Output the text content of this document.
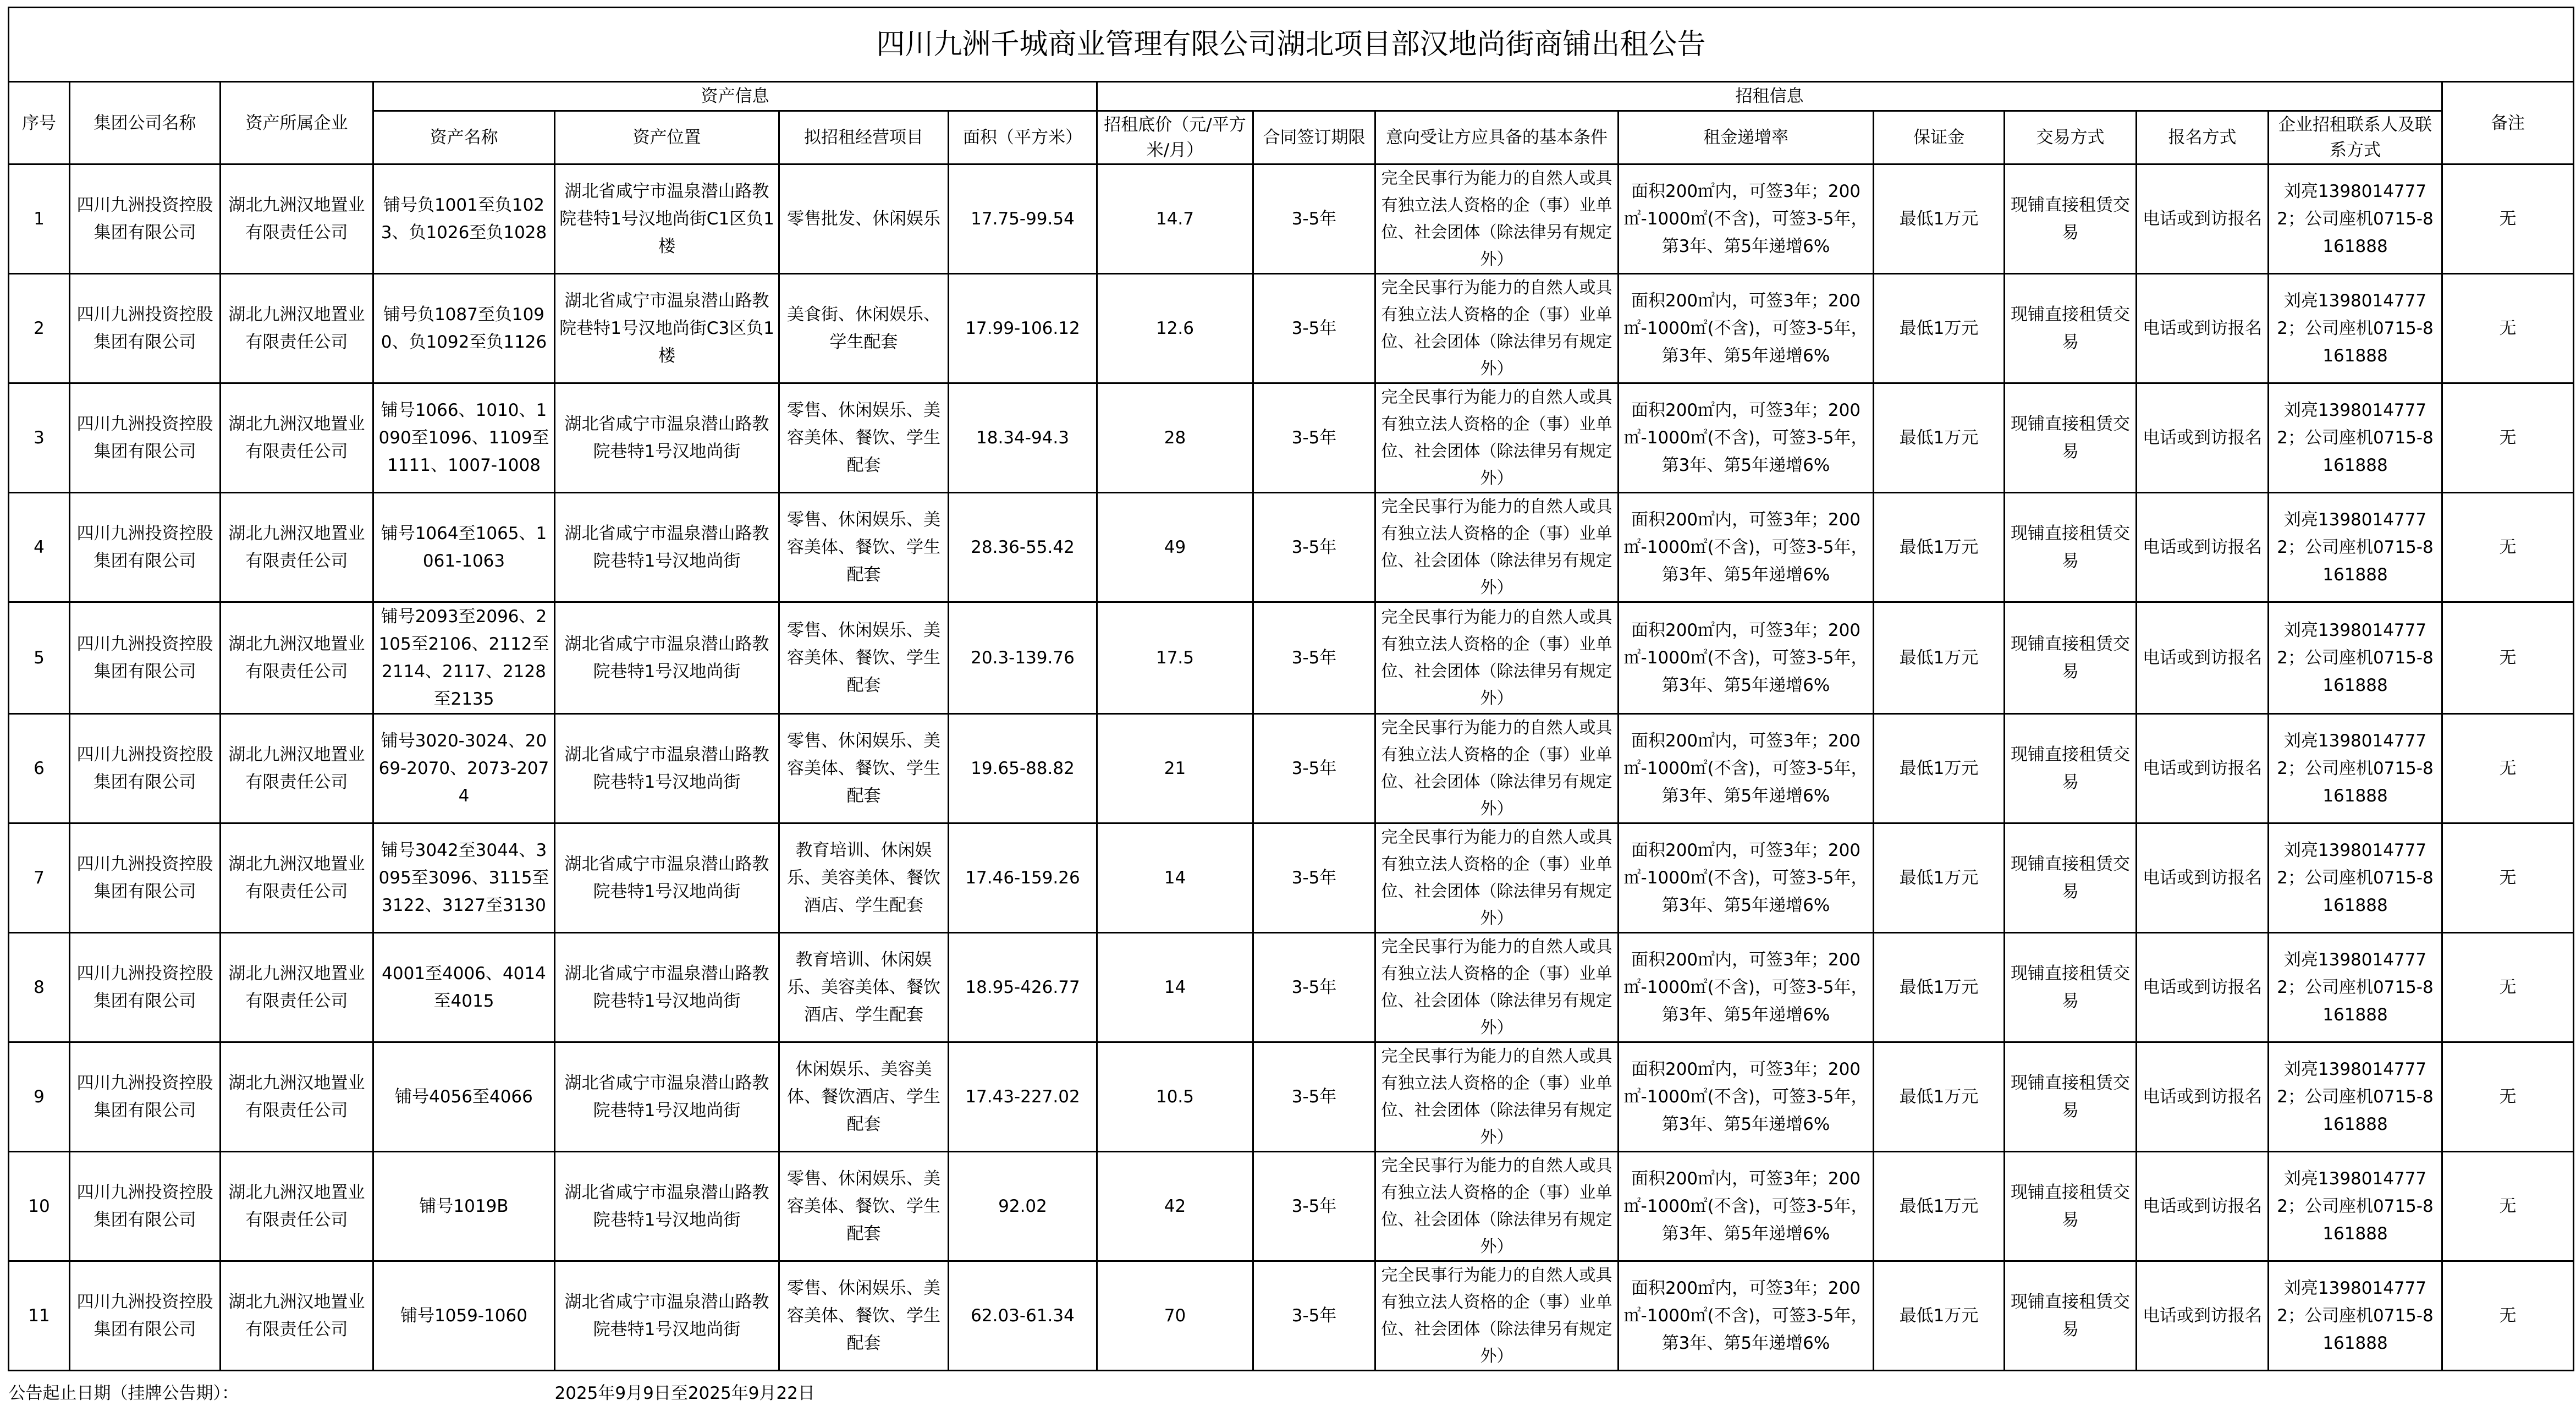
四川九洲千城商业管理有限公司湖北项目部汉地尚街商铺出租公告															
序号	集团公司名称	资产所属企业	资产信息				招租信息								备注
			资产名称	资产位置	拟招租经营项目	面积（平方米）	招租底价（元/平方米/月）	合同签订期限	意向受让方应具备的基本条件	租金递增率	保证金	交易方式	报名方式	企业招租联系人及联系方式	
1	四川九洲投资控股集团有限公司	湖北九洲汉地置业有限责任公司	铺号负1001至负1023、负1026至负1028	湖北省咸宁市温泉潜山路教院巷特1号汉地尚街C1区负1楼	零售批发、休闲娱乐	17.75-99.54	14.7	3-5年	完全民事行为能力的自然人或具有独立法人资格的企（事）业单位、社会团体（除法律另有规定外）	面积200㎡内，可签3年；200㎡-1000㎡(不含)，可签3-5年，第3年、第5年递增6%	最低1万元	现铺直接租赁交易	电话或到访报名	刘亮13980147772；公司座机0715-8161888	无
2	四川九洲投资控股集团有限公司	湖北九洲汉地置业有限责任公司	铺号负1087至负1090、负1092至负1126	湖北省咸宁市温泉潜山路教院巷特1号汉地尚街C3区负1楼	美食街、休闲娱乐、学生配套	17.99-106.12	12.6	3-5年	完全民事行为能力的自然人或具有独立法人资格的企（事）业单位、社会团体（除法律另有规定外）	面积200㎡内，可签3年；200㎡-1000㎡(不含)，可签3-5年，第3年、第5年递增6%	最低1万元	现铺直接租赁交易	电话或到访报名	刘亮13980147772；公司座机0715-8161888	无
3	四川九洲投资控股集团有限公司	湖北九洲汉地置业有限责任公司	铺号1066、1010、1090至1096、1109至1111、1007-1008	湖北省咸宁市温泉潜山路教院巷特1号汉地尚街	零售、休闲娱乐、美容美体、餐饮、学生配套	18.34-94.3	28	3-5年	完全民事行为能力的自然人或具有独立法人资格的企（事）业单位、社会团体（除法律另有规定外）	面积200㎡内，可签3年；200㎡-1000㎡(不含)，可签3-5年，第3年、第5年递增6%	最低1万元	现铺直接租赁交易	电话或到访报名	刘亮13980147772；公司座机0715-8161888	无
4	四川九洲投资控股集团有限公司	湖北九洲汉地置业有限责任公司	铺号1064至1065、1061-1063	湖北省咸宁市温泉潜山路教院巷特1号汉地尚街	零售、休闲娱乐、美容美体、餐饮、学生配套	28.36-55.42	49	3-5年	完全民事行为能力的自然人或具有独立法人资格的企（事）业单位、社会团体（除法律另有规定外）	面积200㎡内，可签3年；200㎡-1000㎡(不含)，可签3-5年，第3年、第5年递增6%	最低1万元	现铺直接租赁交易	电话或到访报名	刘亮13980147772；公司座机0715-8161888	无
5	四川九洲投资控股集团有限公司	湖北九洲汉地置业有限责任公司	铺号2093至2096、2105至2106、2112至2114、2117、2128至2135	湖北省咸宁市温泉潜山路教院巷特1号汉地尚街	零售、休闲娱乐、美容美体、餐饮、学生配套	20.3-139.76	17.5	3-5年	完全民事行为能力的自然人或具有独立法人资格的企（事）业单位、社会团体（除法律另有规定外）	面积200㎡内，可签3年；200㎡-1000㎡(不含)，可签3-5年，第3年、第5年递增6%	最低1万元	现铺直接租赁交易	电话或到访报名	刘亮13980147772；公司座机0715-8161888	无
6	四川九洲投资控股集团有限公司	湖北九洲汉地置业有限责任公司	铺号3020-3024、2069-2070、2073-2074	湖北省咸宁市温泉潜山路教院巷特1号汉地尚街	零售、休闲娱乐、美容美体、餐饮、学生配套	19.65-88.82	21	3-5年	完全民事行为能力的自然人或具有独立法人资格的企（事）业单位、社会团体（除法律另有规定外）	面积200㎡内，可签3年；200㎡-1000㎡(不含)，可签3-5年，第3年、第5年递增6%	最低1万元	现铺直接租赁交易	电话或到访报名	刘亮13980147772；公司座机0715-8161888	无
7	四川九洲投资控股集团有限公司	湖北九洲汉地置业有限责任公司	铺号3042至3044、3095至3096、3115至3122、3127至3130	湖北省咸宁市温泉潜山路教院巷特1号汉地尚街	教育培训、休闲娱乐、美容美体、餐饮酒店、学生配套	17.46-159.26	14	3-5年	完全民事行为能力的自然人或具有独立法人资格的企（事）业单位、社会团体（除法律另有规定外）	面积200㎡内，可签3年；200㎡-1000㎡(不含)，可签3-5年，第3年、第5年递增6%	最低1万元	现铺直接租赁交易	电话或到访报名	刘亮13980147772；公司座机0715-8161888	无
8	四川九洲投资控股集团有限公司	湖北九洲汉地置业有限责任公司	4001至4006、4014至4015	湖北省咸宁市温泉潜山路教院巷特1号汉地尚街	教育培训、休闲娱乐、美容美体、餐饮酒店、学生配套	18.95-426.77	14	3-5年	完全民事行为能力的自然人或具有独立法人资格的企（事）业单位、社会团体（除法律另有规定外）	面积200㎡内，可签3年；200㎡-1000㎡(不含)，可签3-5年，第3年、第5年递增6%	最低1万元	现铺直接租赁交易	电话或到访报名	刘亮13980147772；公司座机0715-8161888	无
9	四川九洲投资控股集团有限公司	湖北九洲汉地置业有限责任公司	铺号4056至4066	湖北省咸宁市温泉潜山路教院巷特1号汉地尚街	休闲娱乐、美容美体、餐饮酒店、学生配套	17.43-227.02	10.5	3-5年	完全民事行为能力的自然人或具有独立法人资格的企（事）业单位、社会团体（除法律另有规定外）	面积200㎡内，可签3年；200㎡-1000㎡(不含)，可签3-5年，第3年、第5年递增6%	最低1万元	现铺直接租赁交易	电话或到访报名	刘亮13980147772；公司座机0715-8161888	无
10	四川九洲投资控股集团有限公司	湖北九洲汉地置业有限责任公司	铺号1019B	湖北省咸宁市温泉潜山路教院巷特1号汉地尚街	零售、休闲娱乐、美容美体、餐饮、学生配套	92.02	42	3-5年	完全民事行为能力的自然人或具有独立法人资格的企（事）业单位、社会团体（除法律另有规定外）	面积200㎡内，可签3年；200㎡-1000㎡(不含)，可签3-5年，第3年、第5年递增6%	最低1万元	现铺直接租赁交易	电话或到访报名	刘亮13980147772；公司座机0715-8161888	无
11	四川九洲投资控股集团有限公司	湖北九洲汉地置业有限责任公司	铺号1059-1060	湖北省咸宁市温泉潜山路教院巷特1号汉地尚街	零售、休闲娱乐、美容美体、餐饮、学生配套	62.03-61.34	70	3-5年	完全民事行为能力的自然人或具有独立法人资格的企（事）业单位、社会团体（除法律另有规定外）	面积200㎡内，可签3年；200㎡-1000㎡(不含)，可签3-5年，第3年、第5年递增6%	最低1万元	现铺直接租赁交易	电话或到访报名	刘亮13980147772；公司座机0715-8161888	无
公告起止日期（挂牌公告期）：				2025年9月9日至2025年9月22日											
